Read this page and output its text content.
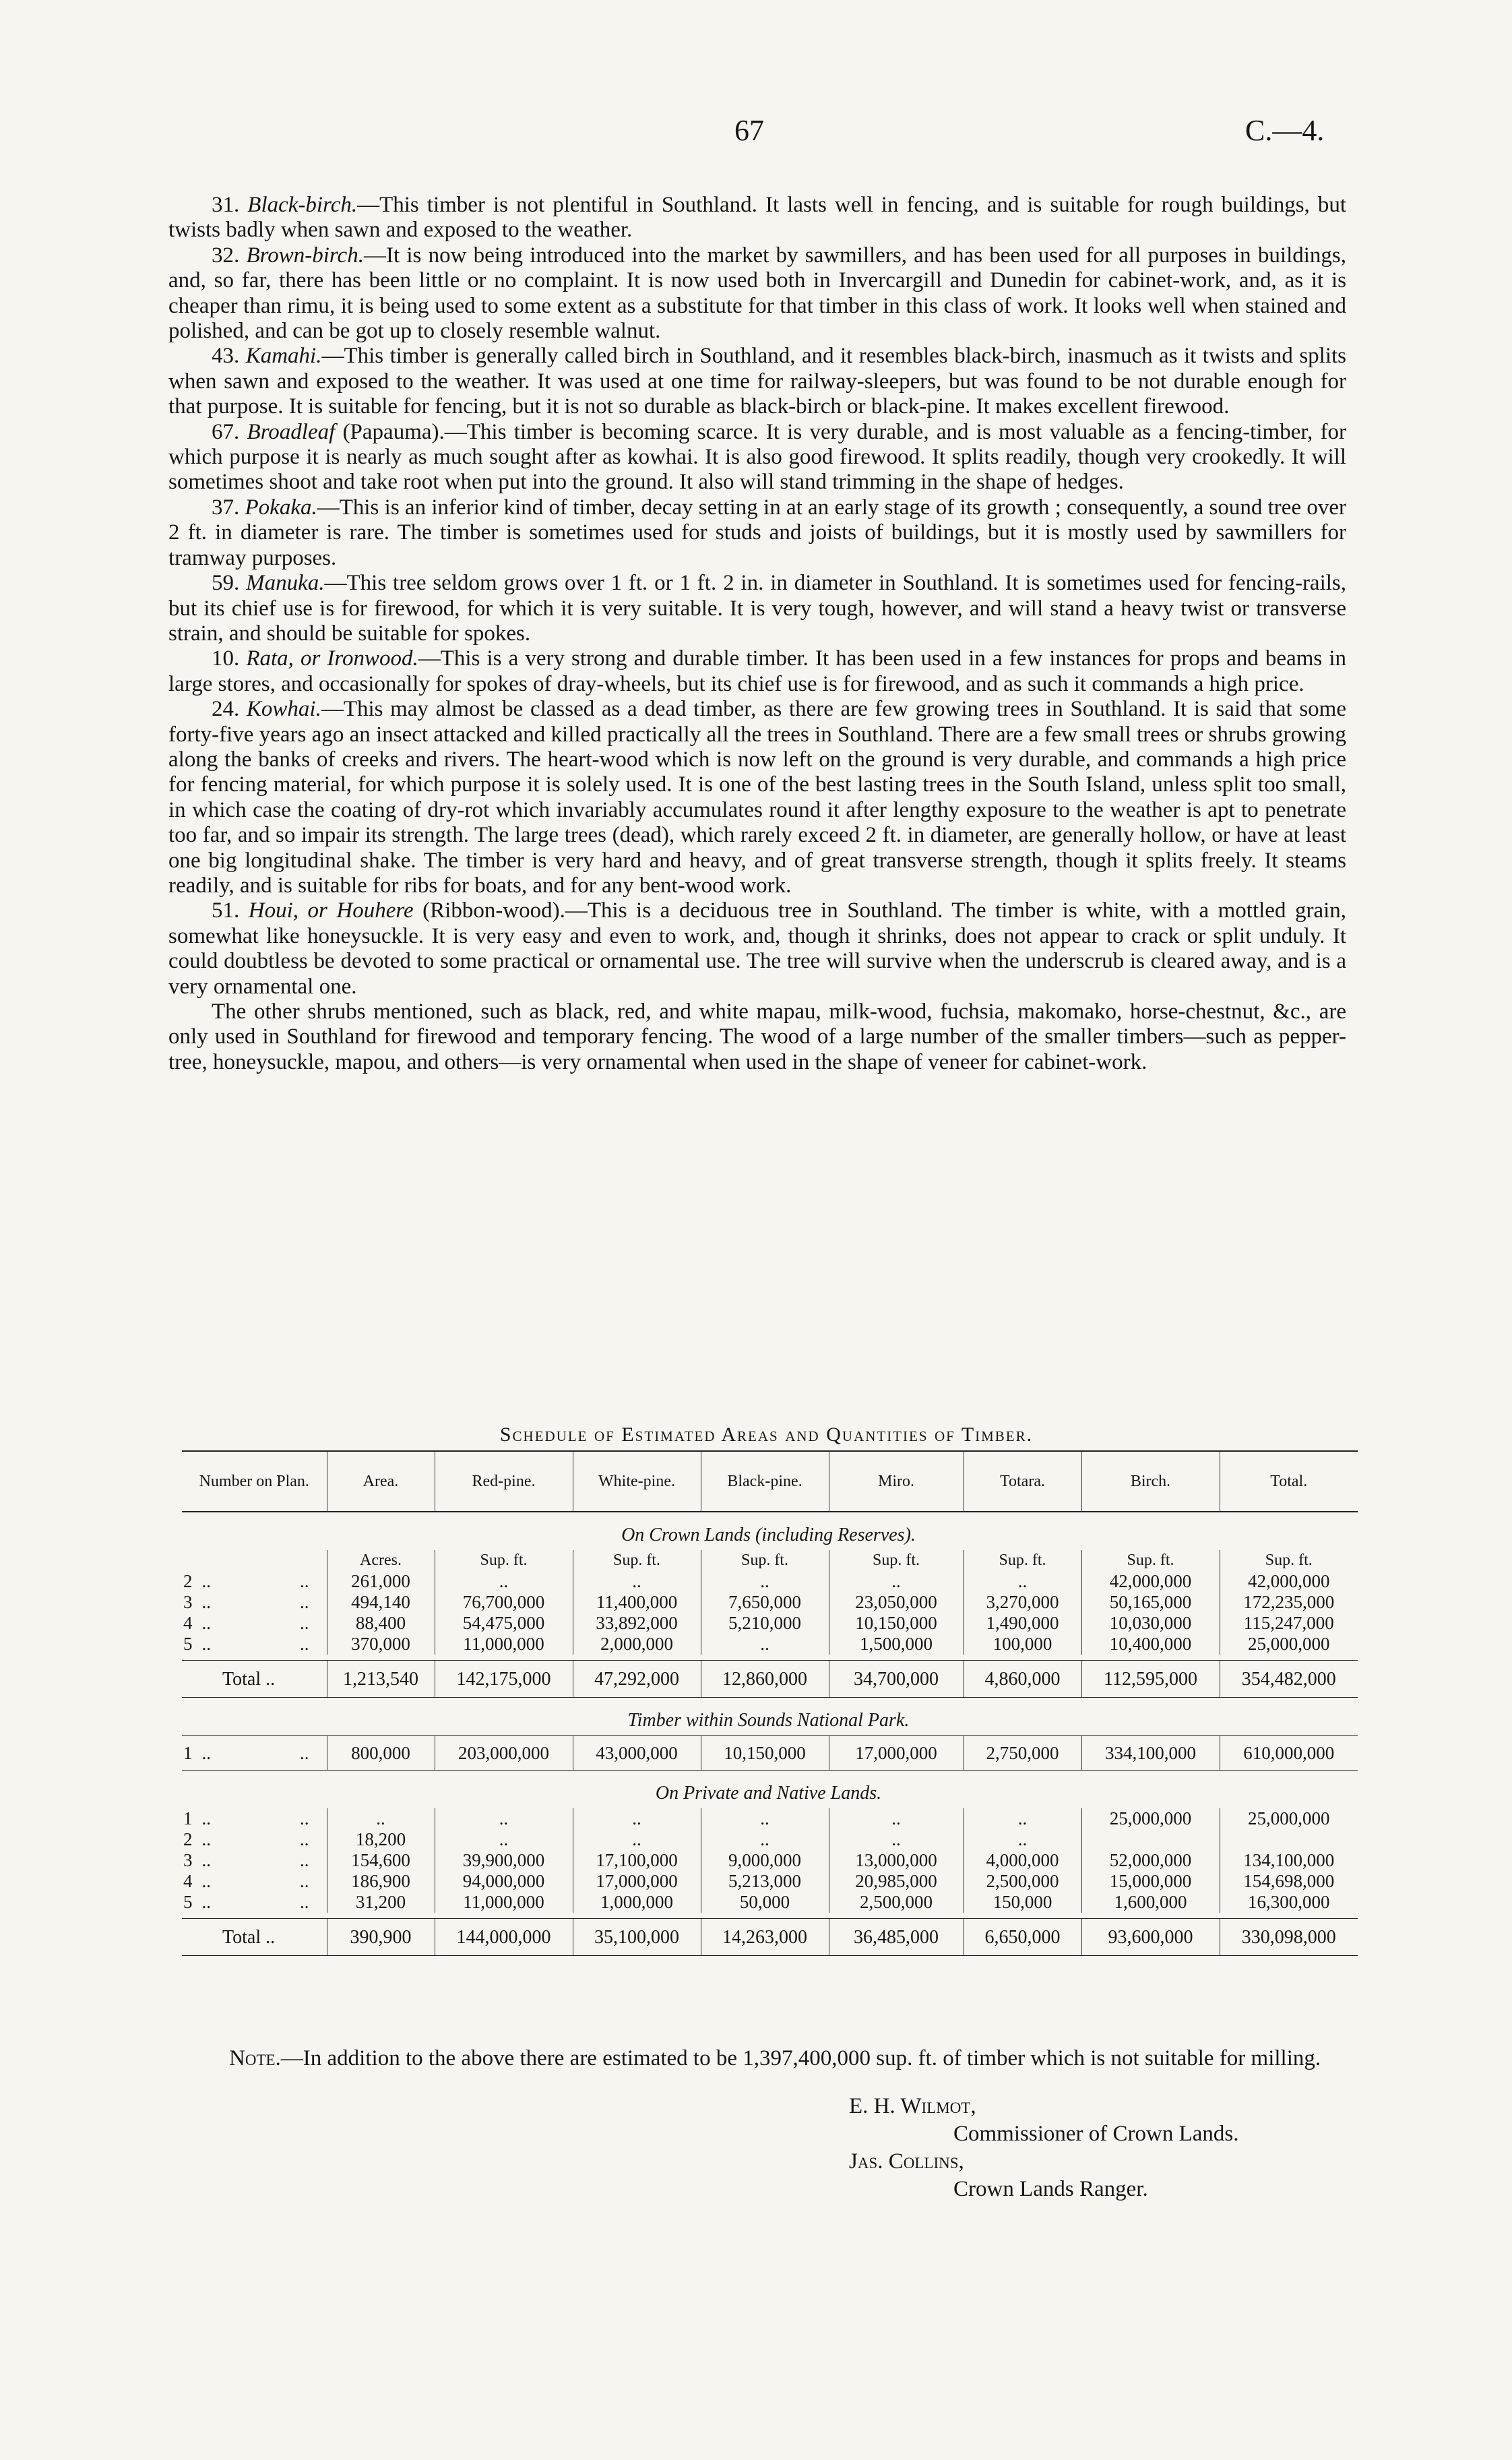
67	C.—4.

31. Black-birch.—This timber is not plentiful in Southland. It lasts well in fencing, and is suitable for rough buildings, but twists badly when sawn and exposed to the weather.

32. Brown-birch.—It is now being introduced into the market by sawmillers, and has been used for all purposes in buildings, and, so far, there has been little or no complaint. It is now used both in Invercargill and Dunedin for cabinet-work, and, as it is cheaper than rimu, it is being used to some extent as a substitute for that timber in this class of work. It looks well when stained and polished, and can be got up to closely resemble walnut.

43. Kamahi.—This timber is generally called birch in Southland, and it resembles black-birch, inasmuch as it twists and splits when sawn and exposed to the weather. It was used at one time for railway-sleepers, but was found to be not durable enough for that purpose. It is suitable for fencing, but it is not so durable as black-birch or black-pine. It makes excellent firewood.

67. Broadleaf (Papauma).—This timber is becoming scarce. It is very durable, and is most valuable as a fencing-timber, for which purpose it is nearly as much sought after as kowhai. It is also good firewood. It splits readily, though very crookedly. It will sometimes shoot and take root when put into the ground. It also will stand trimming in the shape of hedges.

37. Pokaka.—This is an inferior kind of timber, decay setting in at an early stage of its growth ; consequently, a sound tree over 2 ft. in diameter is rare. The timber is sometimes used for studs and joists of buildings, but it is mostly used by sawmillers for tramway purposes.

59. Manuka.—This tree seldom grows over 1 ft. or 1 ft. 2 in. in diameter in Southland. It is sometimes used for fencing-rails, but its chief use is for firewood, for which it is very suitable. It is very tough, however, and will stand a heavy twist or transverse strain, and should be suitable for spokes.

10. Rata, or Ironwood.—This is a very strong and durable timber. It has been used in a few instances for props and beams in large stores, and occasionally for spokes of dray-wheels, but its chief use is for firewood, and as such it commands a high price.

24. Kowhai.—This may almost be classed as a dead timber, as there are few growing trees in Southland. It is said that some forty-five years ago an insect attacked and killed practically all the trees in Southland. There are a few small trees or shrubs growing along the banks of creeks and rivers. The heart-wood which is now left on the ground is very durable, and commands a high price for fencing material, for which purpose it is solely used. It is one of the best lasting trees in the South Island, unless split too small, in which case the coating of dry-rot which invariably accumulates round it after lengthy exposure to the weather is apt to penetrate too far, and so impair its strength. The large trees (dead), which rarely exceed 2 ft. in diameter, are generally hollow, or have at least one big longitudinal shake. The timber is very hard and heavy, and of great transverse strength, though it splits freely. It steams readily, and is suitable for ribs for boats, and for any bent-wood work.

51. Houi, or Houhere (Ribbon-wood).—This is a deciduous tree in Southland. The timber is white, with a mottled grain, somewhat like honeysuckle. It is very easy and even to work, and, though it shrinks, does not appear to crack or split unduly. It could doubtless be devoted to some practical or ornamental use. The tree will survive when the underscrub is cleared away, and is a very ornamental one.

The other shrubs mentioned, such as black, red, and white mapau, milk-wood, fuchsia, makomako, horse-chestnut, &c., are only used in Southland for firewood and temporary fencing. The wood of a large number of the smaller timbers—such as pepper-tree, honeysuckle, mapou, and others—is very ornamental when used in the shape of veneer for cabinet-work.

Schedule of Estimated Areas and Quantities of Timber.
Number on Plan.	Area.	Red-pine.	White-pine.	Black-pine.	Miro.	Totara.	Birch.	Total.
On Crown Lands (including Reserves).								
	Acres.	Sup. ft.	Sup. ft.	Sup. ft.	Sup. ft.	Sup. ft.	Sup. ft.	Sup. ft.
2 .. ..	261,000	..	..	..	..	..	42,000,000	42,000,000
3 .. ..	494,140	76,700,000	11,400,000	7,650,000	23,050,000	3,270,000	50,165,000	172,235,000
4 .. ..	88,400	54,475,000	33,892,000	5,210,000	10,150,000	1,490,000	10,030,000	115,247,000
5 .. ..	370,000	11,000,000	2,000,000	..	1,500,000	100,000	10,400,000	25,000,000

Total ..	1,213,540	142,175,000	47,292,000	12,860,000	34,700,000	4,860,000	112,595,000	354,482,000
Timber within Sounds National Park.								
1 .. ..	800,000	203,000,000	43,000,000	10,150,000	17,000,000	2,750,000	334,100,000	610,000,000
On Private and Native Lands.								
1 .. ..	..	..	..	..	..	..	25,000,000	25,000,000
2 .. ..	18,200	..	..	..	..	..		
3 .. ..	154,600	39,900,000	17,100,000	9,000,000	13,000,000	4,000,000	52,000,000	134,100,000
4 .. ..	186,900	94,000,000	17,000,000	5,213,000	20,985,000	2,500,000	15,000,000	154,698,000
5 .. ..	31,200	11,000,000	1,000,000	50,000	2,500,000	150,000	1,600,000	16,300,000

Total ..	390,900	144,000,000	35,100,000	14,263,000	36,485,000	6,650,000	93,600,000	330,098,000
Note.—In addition to the above there are estimated to be 1,397,400,000 sup. ft. of timber which is not suitable for milling.
E. H. Wilmot,
Commissioner of Crown Lands.
Jas. Collins,
Crown Lands Ranger.
